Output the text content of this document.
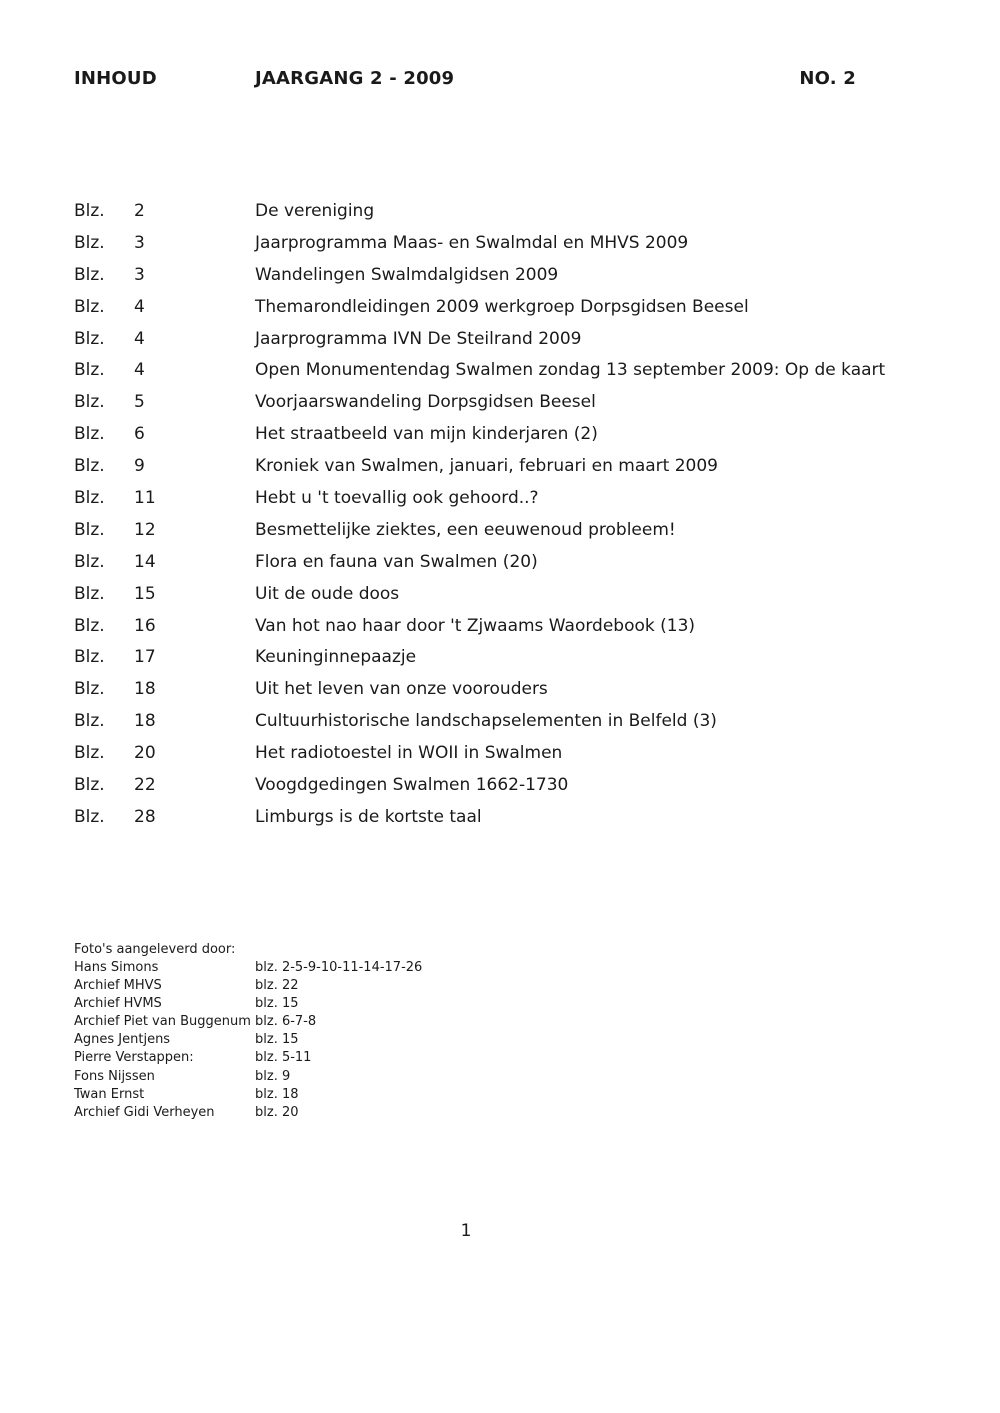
INHOUD	JAARGANG 2 - 2009	NO. 2
Blz. 2	De vereniging
Blz. 3	Jaarprogramma Maas- en Swalmdal en MHVS 2009
Blz. 3	Wandelingen Swalmdalgidsen 2009
Blz. 4	Themarondleidingen 2009 werkgroep Dorpsgidsen Beesel
Blz. 4	Jaarprogramma IVN De Steilrand 2009
Blz. 4	Open Monumentendag Swalmen zondag 13 september 2009: Op de kaart
Blz. 5	Voorjaarswandeling Dorpsgidsen Beesel
Blz. 6	Het straatbeeld van mijn kinderjaren (2)
Blz. 9	Kroniek van Swalmen, januari, februari en maart 2009
Blz. 11	Hebt u 't toevallig ook gehoord..?
Blz. 12	Besmettelijke ziektes, een eeuwenoud probleem!
Blz. 14	Flora en fauna van Swalmen (20)
Blz. 15	Uit de oude doos
Blz. 16	Van hot nao haar door 't Zjwaams Waordebook (13)
Blz. 17	Keuninginnepaazje
Blz. 18	Uit het leven van onze voorouders
Blz. 18	Cultuurhistorische landschapselementen in Belfeld (3)
Blz. 20	Het radiotoestel in WOII in Swalmen
Blz. 22	Voogdgedingen Swalmen 1662-1730
Blz. 28	Limburgs is de kortste taal
Foto's aangeleverd door:
Hans Simons	blz. 2-5-9-10-11-14-17-26
Archief MHVS	blz. 22
Archief HVMS	blz. 15
Archief Piet van Buggenum blz. 6-7-8
Agnes Jentjens	blz. 15
Pierre Verstappen:	blz. 5-11
Fons Nijssen	blz. 9
Twan Ernst	blz. 18
Archief Gidi Verheyen	blz. 20
1
